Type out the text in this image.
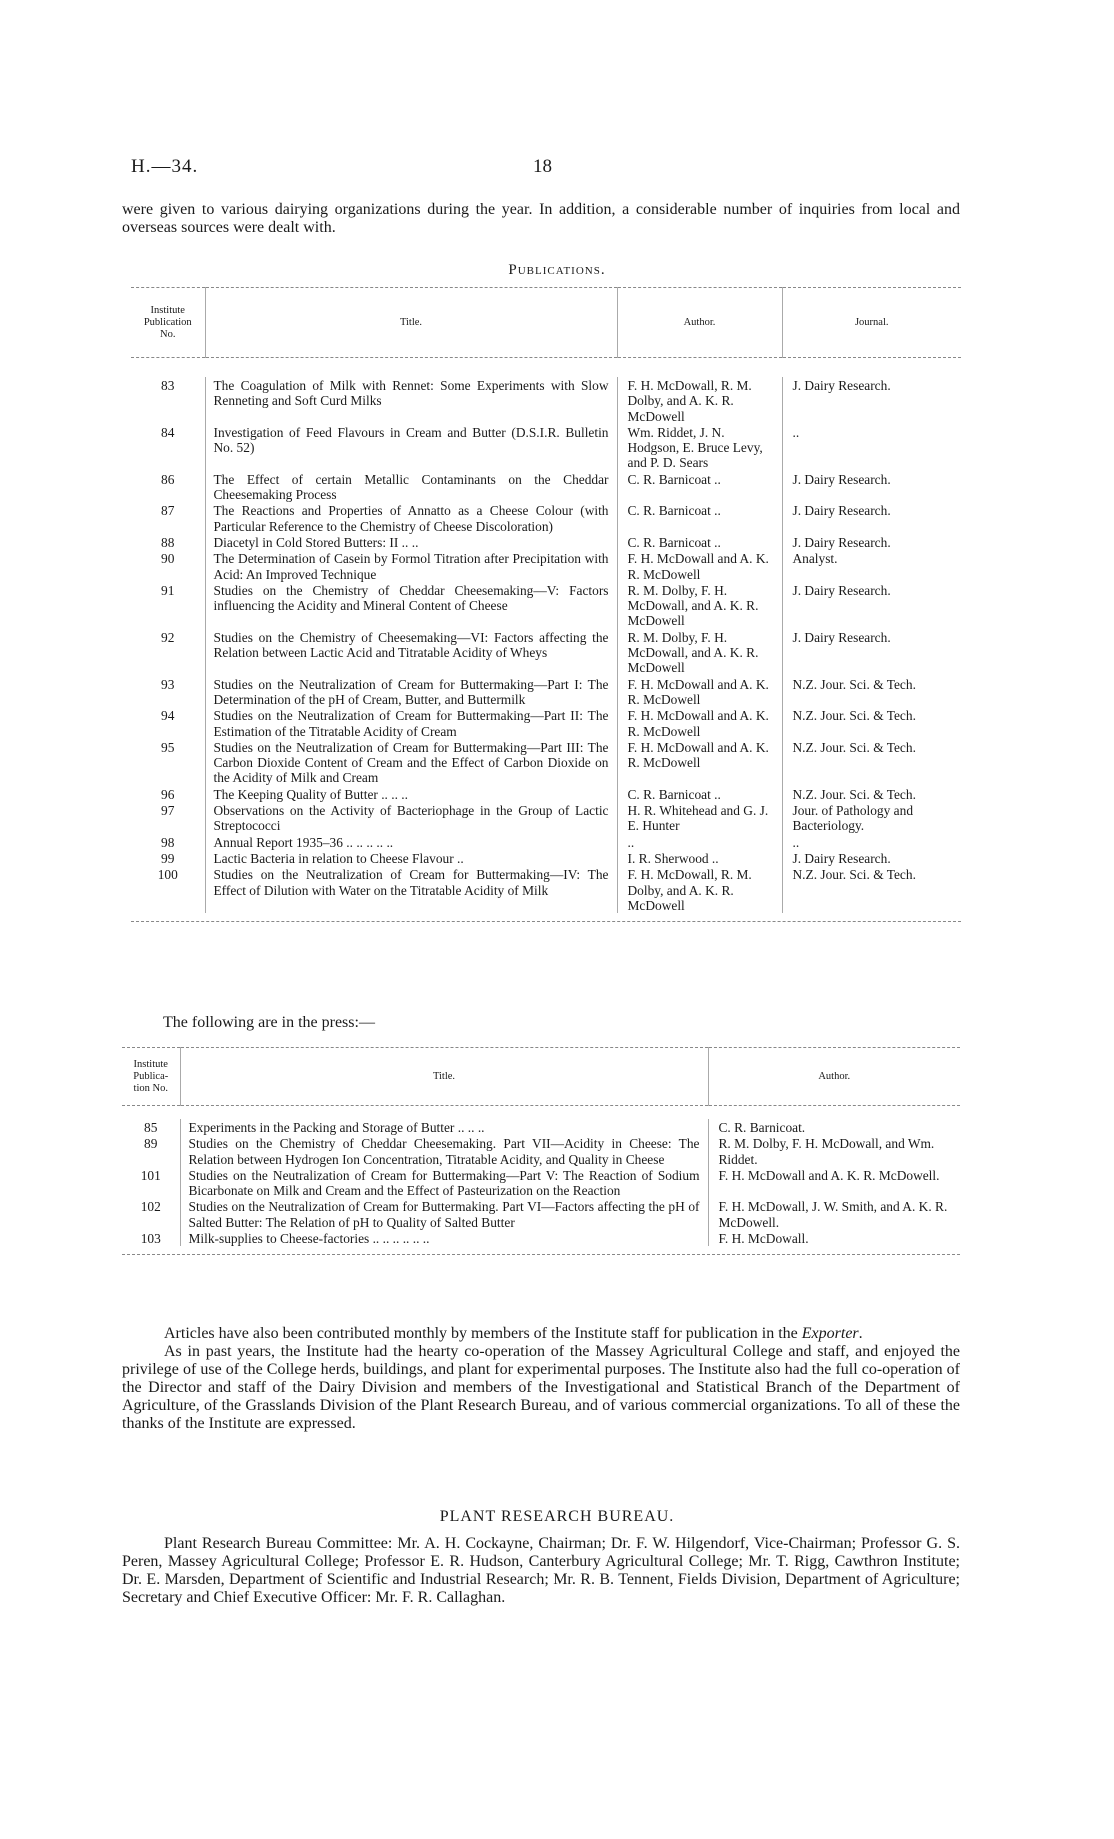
H.—34.	18
were given to various dairying organizations during the year. In addition, a considerable number of inquiries from local and overseas sources were dealt with.
Publications.
Institute
Publication
No.	Title.	Author.	Journal.

83	The Coagulation of Milk with Rennet: Some Experiments with Slow Renneting and Soft Curd Milks	F. H. McDowall, R. M. Dolby, and A. K. R. McDowell	J. Dairy Research.
84	Investigation of Feed Flavours in Cream and Butter (D.S.I.R. Bulletin No. 52)	Wm. Riddet, J. N. Hodgson, E. Bruce Levy, and P. D. Sears	..
86	The Effect of certain Metallic Contaminants on the Cheddar Cheesemaking Process	C. R. Barnicoat ..	J. Dairy Research.
87	The Reactions and Properties of Annatto as a Cheese Colour (with Particular Reference to the Chemistry of Cheese Discoloration)	C. R. Barnicoat ..	J. Dairy Research.
88	Diacetyl in Cold Stored Butters: II .. ..	C. R. Barnicoat ..	J. Dairy Research.
90	The Determination of Casein by Formol Titration after Precipitation with Acid: An Improved Technique	F. H. McDowall and A. K. R. McDowell	Analyst.
91	Studies on the Chemistry of Cheddar Cheesemaking—V: Factors influencing the Acidity and Mineral Content of Cheese	R. M. Dolby, F. H. McDowall, and A. K. R. McDowell	J. Dairy Research.
92	Studies on the Chemistry of Cheesemaking—VI: Factors affecting the Relation between Lactic Acid and Titratable Acidity of Wheys	R. M. Dolby, F. H. McDowall, and A. K. R. McDowell	J. Dairy Research.
93	Studies on the Neutralization of Cream for Buttermaking—Part I: The Determination of the pH of Cream, Butter, and Buttermilk	F. H. McDowall and A. K. R. McDowell	N.Z. Jour. Sci. & Tech.
94	Studies on the Neutralization of Cream for Buttermaking—Part II: The Estimation of the Titratable Acidity of Cream	F. H. McDowall and A. K. R. McDowell	N.Z. Jour. Sci. & Tech.
95	Studies on the Neutralization of Cream for Buttermaking—Part III: The Carbon Dioxide Content of Cream and the Effect of Carbon Dioxide on the Acidity of Milk and Cream	F. H. McDowall and A. K. R. McDowell	N.Z. Jour. Sci. & Tech.
96	The Keeping Quality of Butter .. .. ..	C. R. Barnicoat ..	N.Z. Jour. Sci. & Tech.
97	Observations on the Activity of Bacteriophage in the Group of Lactic Streptococci	H. R. Whitehead and G. J. E. Hunter	Jour. of Pathology and Bacteriology.
98	Annual Report 1935–36 .. .. .. .. ..	..	..
99	Lactic Bacteria in relation to Cheese Flavour ..	I. R. Sherwood ..	J. Dairy Research.
100	Studies on the Neutralization of Cream for Buttermaking—IV: The Effect of Dilution with Water on the Titratable Acidity of Milk	F. H. McDowall, R. M. Dolby, and A. K. R. McDowell	N.Z. Jour. Sci. & Tech.
The following are in the press:—
Institute
Publica-
tion No.	Title.	Author.

85	Experiments in the Packing and Storage of Butter .. .. ..	C. R. Barnicoat.
89	Studies on the Chemistry of Cheddar Cheesemaking. Part VII—Acidity in Cheese: The Relation between Hydrogen Ion Concentration, Titratable Acidity, and Quality in Cheese	R. M. Dolby, F. H. McDowall, and Wm. Riddet.
101	Studies on the Neutralization of Cream for Buttermaking—Part V: The Reaction of Sodium Bicarbonate on Milk and Cream and the Effect of Pasteurization on the Reaction	F. H. McDowall and A. K. R. McDowell.
102	Studies on the Neutralization of Cream for Buttermaking. Part VI—Factors affecting the pH of Salted Butter: The Relation of pH to Quality of Salted Butter	F. H. McDowall, J. W. Smith, and A. K. R. McDowell.
103	Milk-supplies to Cheese-factories .. .. .. .. .. ..	F. H. McDowall.

Articles have also been contributed monthly by members of the Institute staff for publication in the Exporter.

As in past years, the Institute had the hearty co-operation of the Massey Agricultural College and staff, and enjoyed the privilege of use of the College herds, buildings, and plant for experimental purposes. The Institute also had the full co-operation of the Director and staff of the Dairy Division and members of the Investigational and Statistical Branch of the Department of Agriculture, of the Grasslands Division of the Plant Research Bureau, and of various commercial organizations. To all of these the thanks of the Institute are expressed.

PLANT RESEARCH BUREAU.

Plant Research Bureau Committee: Mr. A. H. Cockayne, Chairman; Dr. F. W. Hilgendorf, Vice-Chairman; Professor G. S. Peren, Massey Agricultural College; Professor E. R. Hudson, Canterbury Agricultural College; Mr. T. Rigg, Cawthron Institute; Dr. E. Marsden, Department of Scientific and Industrial Research; Mr. R. B. Tennent, Fields Division, Department of Agriculture; Secretary and Chief Executive Officer: Mr. F. R. Callaghan.
